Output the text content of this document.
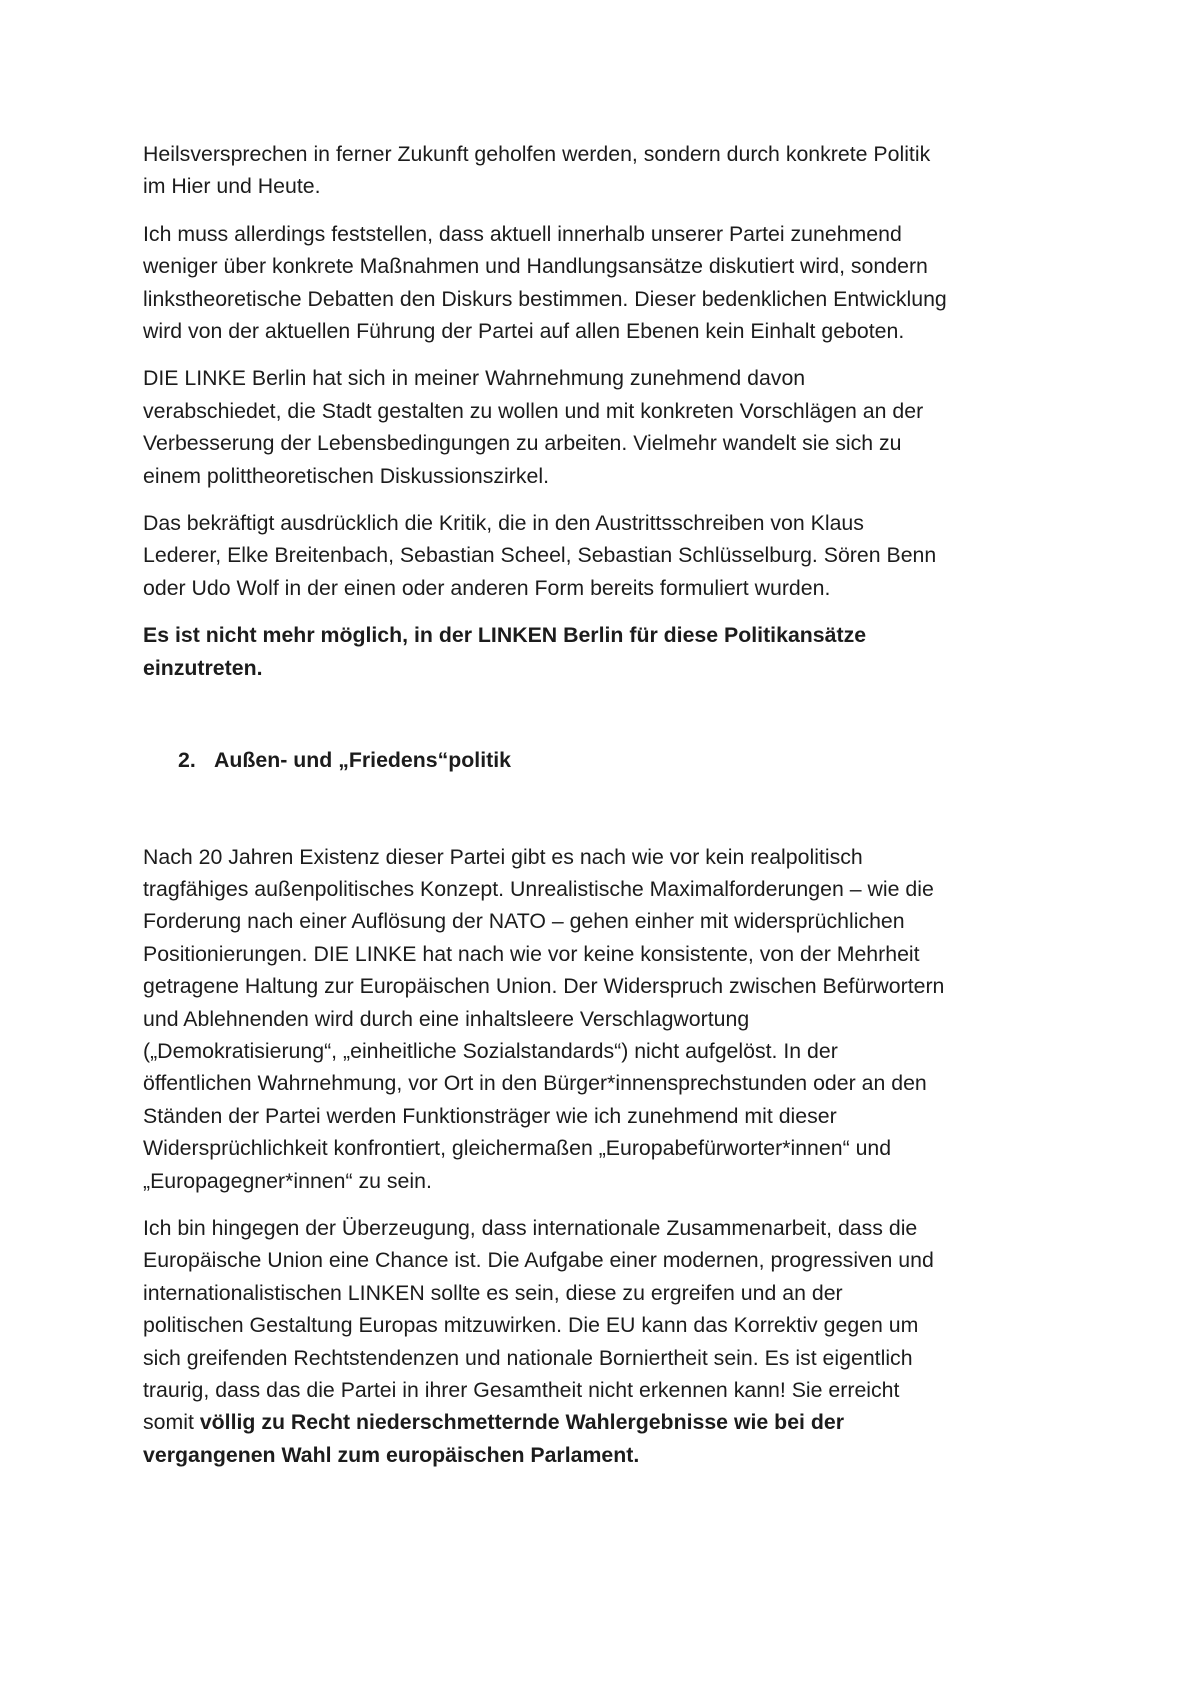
Heilsversprechen in ferner Zukunft geholfen werden, sondern durch konkrete Politik
im Hier und Heute.

Ich muss allerdings feststellen, dass aktuell innerhalb unserer Partei zunehmend
weniger über konkrete Maßnahmen und Handlungsansätze diskutiert wird, sondern
linkstheoretische Debatten den Diskurs bestimmen. Dieser bedenklichen Entwicklung
wird von der aktuellen Führung der Partei auf allen Ebenen kein Einhalt geboten.

DIE LINKE Berlin hat sich in meiner Wahrnehmung zunehmend davon
verabschiedet, die Stadt gestalten zu wollen und mit konkreten Vorschlägen an der
Verbesserung der Lebensbedingungen zu arbeiten. Vielmehr wandelt sie sich zu
einem polittheoretischen Diskussionszirkel.

Das bekräftigt ausdrücklich die Kritik, die in den Austrittsschreiben von Klaus
Lederer, Elke Breitenbach, Sebastian Scheel, Sebastian Schlüsselburg. Sören Benn
oder Udo Wolf in der einen oder anderen Form bereits formuliert wurden.

Es ist nicht mehr möglich, in der LINKEN Berlin für diese Politikansätze
einzutreten.

2. Außen- und „Friedens“politik

Nach 20 Jahren Existenz dieser Partei gibt es nach wie vor kein realpolitisch
tragfähiges außenpolitisches Konzept. Unrealistische Maximalforderungen – wie die
Forderung nach einer Auflösung der NATO – gehen einher mit widersprüchlichen
Positionierungen. DIE LINKE hat nach wie vor keine konsistente, von der Mehrheit
getragene Haltung zur Europäischen Union. Der Widerspruch zwischen Befürwortern
und Ablehnenden wird durch eine inhaltsleere Verschlagwortung
(„Demokratisierung“, „einheitliche Sozialstandards“) nicht aufgelöst. In der
öffentlichen Wahrnehmung, vor Ort in den Bürger*innensprechstunden oder an den
Ständen der Partei werden Funktionsträger wie ich zunehmend mit dieser
Widersprüchlichkeit konfrontiert, gleichermaßen „Europabefürworter*innen“ und
„Europagegner*innen“ zu sein.

Ich bin hingegen der Überzeugung, dass internationale Zusammenarbeit, dass die
Europäische Union eine Chance ist. Die Aufgabe einer modernen, progressiven und
internationalistischen LINKEN sollte es sein, diese zu ergreifen und an der
politischen Gestaltung Europas mitzuwirken. Die EU kann das Korrektiv gegen um
sich greifenden Rechtstendenzen und nationale Borniertheit sein. Es ist eigentlich
traurig, dass das die Partei in ihrer Gesamtheit nicht erkennen kann! Sie erreicht
somit völlig zu Recht niederschmetternde Wahlergebnisse wie bei der
vergangenen Wahl zum europäischen Parlament.
